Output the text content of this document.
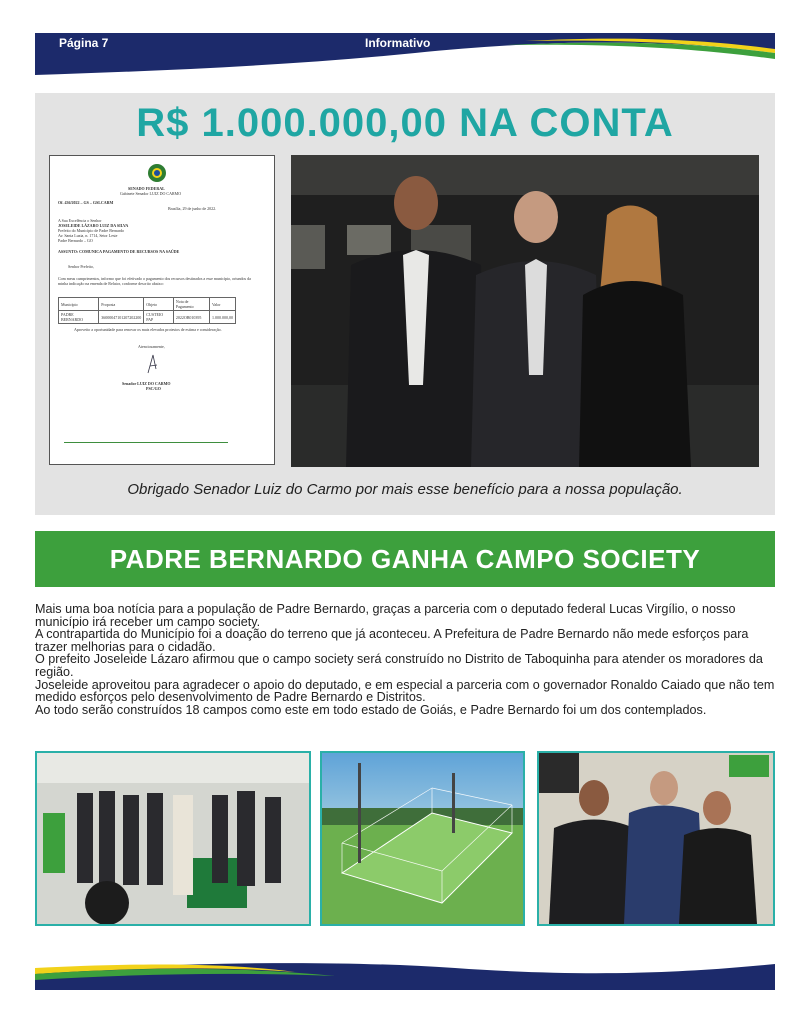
Página 7	Informativo
R$ 1.000.000,00 NA CONTA
SENADO FEDERAL
Gabinete Senador LUIZ DO CARMO
Of. 436/2022 – GS – GSLCARM
Brasília, 29 de junho de 2022.
A Sua Excelência o Senhor
JOSELEIDE LÁZARO LUIZ DA SILVA
Prefeito do Município de Padre Bernardo
Av. Santa Luzia, n. 1714, Setor Leste
Padre Bernardo – GO
ASSUNTO: COMUNICA PAGAMENTO DE RECURSOS NA SAÚDE
Senhor Prefeito,
Com meus cumprimentos, informo que foi efetivado o pagamento dos recursos destinados a esse município, oriundos da minha indicação na emenda de Relator, conforme descrito abaixo:
Município	Proposta	Objeto	Nota de Pagamento	Valor
PADRE BERNARDO	36000047101207202200	CUSTEIO PAP	2022OB010395	1.000.000,00
Aproveito a oportunidade para renovar os mais elevados protestos de estima e consideração.
Atenciosamente,
Senador LUIZ DO CARMO
PSC/GO
Obrigado Senador Luiz do Carmo por mais esse benefício para a nossa população.
PADRE BERNARDO GANHA CAMPO SOCIETY

Mais uma boa notícia para a população de Padre Bernardo, graças a parceria com o deputado federal Lucas Virgílio, o nosso município irá receber um campo society.

A contrapartida do Município foi a doação do terreno que já aconteceu. A Prefeitura de Padre Bernardo não mede esforços para trazer melhorias para o cidadão.

O prefeito Joseleide Lázaro afirmou que o campo society será construído no Distrito de Taboquinha para atender os moradores da região.

Joseleide aproveitou para agradecer o apoio do deputado, e em especial a parceria com o governador Ronaldo Caiado que não tem medido esforços pelo desenvolvimento de Padre Bernardo e Distritos.

Ao todo serão construídos 18 campos como este em todo estado de Goiás, e Padre Bernardo foi um dos contemplados.
